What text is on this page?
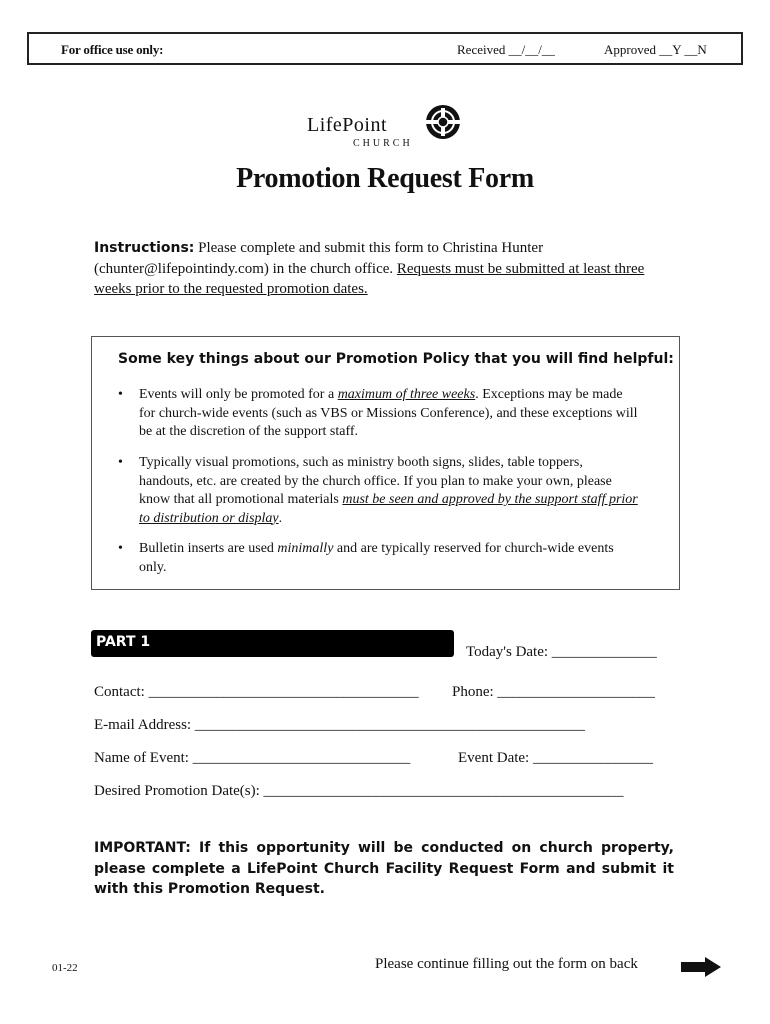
For office use only:	Received __/__/__	Approved __Y __N
LifePoint
CHURCH
Promotion Request Form
Instructions: Please complete and submit this form to Christina Hunter (chunter@lifepointindy.com) in the church office. Requests must be submitted at least three weeks prior to the requested promotion dates.
Some key things about our Promotion Policy that you will find helpful:
• Events will only be promoted for a maximum of three weeks. Exceptions may be made for church-wide events (such as VBS or Missions Conference), and these exceptions will be at the discretion of the support staff.
• Typically visual promotions, such as ministry booth signs, slides, table toppers, handouts, etc. are created by the church office. If you plan to make your own, please know that all promotional materials must be seen and approved by the support staff prior to distribution or display.
• Bulletin inserts are used minimally and are typically reserved for church-wide events only.
PART 1
Today's Date: ______________
Contact: ____________________________________ Phone: _____________________
E-mail Address: ____________________________________________________
Name of Event: _____________________________	Event Date: ________________
Desired Promotion Date(s): ________________________________________________
IMPORTANT: If this opportunity will be conducted on church property, please complete a LifePoint Church Facility Request Form and submit it with this Promotion Request.
01-22	Please continue filling out the form on back
